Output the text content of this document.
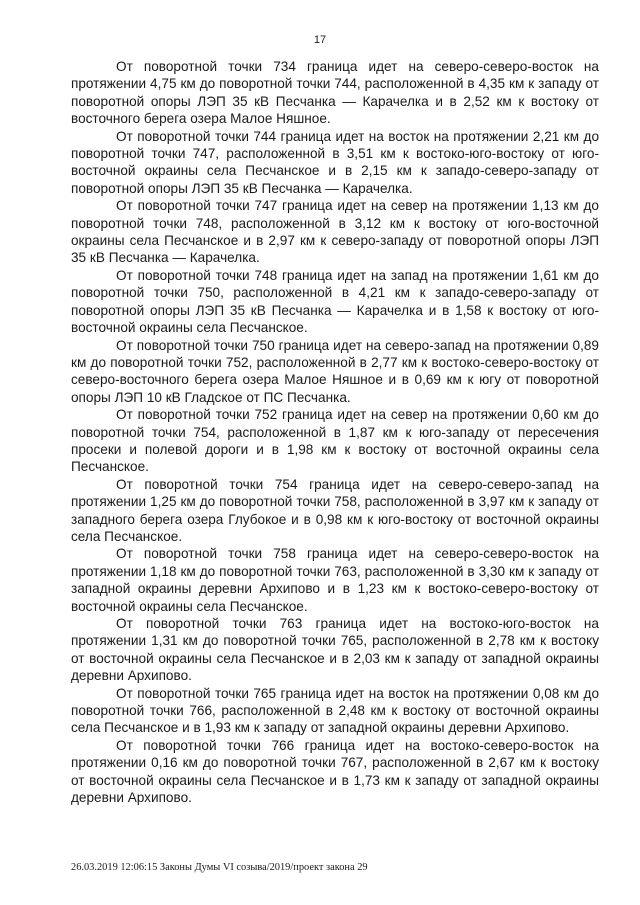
17

От поворотной точки 734 граница идет на северо-северо-восток на протяжении 4,75 км до поворотной точки 744, расположенной в 4,35 км к западу от поворотной опоры ЛЭП 35 кВ Песчанка — Карачелка и в 2,52 км к востоку от восточного берега озера Малое Няшное.

От поворотной точки 744 граница идет на восток на протяжении 2,21 км до поворотной точки 747, расположенной в 3,51 км к востоко-юго-востоку от юго-восточной окраины села Песчанское и в 2,15 км к западо-северо-западу от поворотной опоры ЛЭП 35 кВ Песчанка — Карачелка.

От поворотной точки 747 граница идет на север на протяжении 1,13 км до поворотной точки 748, расположенной в 3,12 км к востоку от юго-восточной окраины села Песчанское и в 2,97 км к северо-западу от поворотной опоры ЛЭП 35 кВ Песчанка — Карачелка.

От поворотной точки 748 граница идет на запад на протяжении 1,61 км до поворотной точки 750, расположенной в 4,21 км к западо-северо-западу от поворотной опоры ЛЭП 35 кВ Песчанка — Карачелка и в 1,58 к востоку от юго-восточной окраины села Песчанское.

От поворотной точки 750 граница идет на северо-запад на протяжении 0,89 км до поворотной точки 752, расположенной в 2,77 км к востоко-северо-востоку от северо-восточного берега озера Малое Няшное и в 0,69 км к югу от поворотной опоры ЛЭП 10 кВ Гладское от ПС Песчанка.

От поворотной точки 752 граница идет на север на протяжении 0,60 км до поворотной точки 754, расположенной в 1,87 км к юго-западу от пересечения просеки и полевой дороги и в 1,98 км к востоку от восточной окраины села Песчанское.

От поворотной точки 754 граница идет на северо-северо-запад на протяжении 1,25 км до поворотной точки 758, расположенной в 3,97 км к западу от западного берега озера Глубокое и в 0,98 км к юго-востоку от восточной окраины села Песчанское.

От поворотной точки 758 граница идет на северо-северо-восток на протяжении 1,18 км до поворотной точки 763, расположенной в 3,30 км к западу от западной окраины деревни Архипово и в 1,23 км к востоко-северо-востоку от восточной окраины села Песчанское.

От поворотной точки 763 граница идет на востоко-юго-восток на протяжении 1,31 км до поворотной точки 765, расположенной в 2,78 км к востоку от восточной окраины села Песчанское и в 2,03 км к западу от западной окраины деревни Архипово.

От поворотной точки 765 граница идет на восток на протяжении 0,08 км до поворотной точки 766, расположенной в 2,48 км к востоку от восточной окраины села Песчанское и в 1,93 км к западу от западной окраины деревни Архипово.

От поворотной точки 766 граница идет на востоко-северо-восток на протяжении 0,16 км до поворотной точки 767, расположенной в 2,67 км к востоку от восточной окраины села Песчанское и в 1,73 км к западу от западной окраины деревни Архипово.

26.03.2019 12:06:15 Законы Думы VI созыва/2019/проект закона 29
